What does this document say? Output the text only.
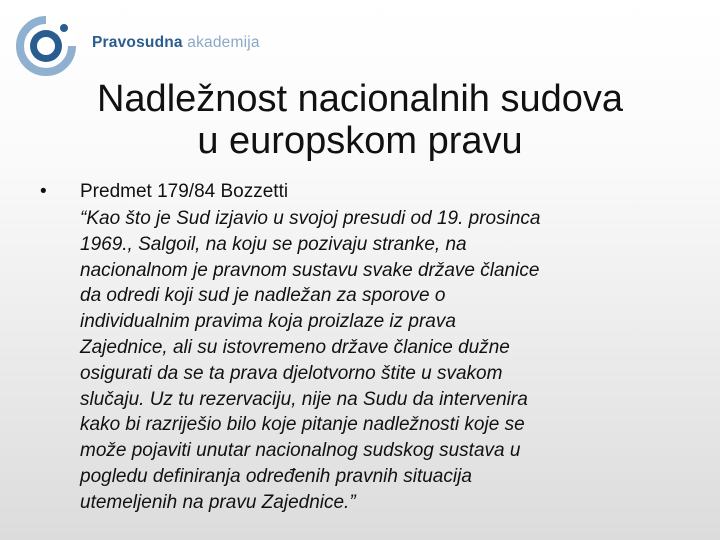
Pravosudna akademija
Nadležnost nacionalnih sudova
u europskom pravu
• Predmet 179/84 Bozzetti
“Kao što je Sud izjavio u svojoj presudi od 19. prosinca
1969., Salgoil, na koju se pozivaju stranke, na
nacionalnom je pravnom sustavu svake države članice
da odredi koji sud je nadležan za sporove o
individualnim pravima koja proizlaze iz prava
Zajednice, ali su istovremeno države članice dužne
osigurati da se ta prava djelotvorno štite u svakom
slučaju. Uz tu rezervaciju, nije na Sudu da intervenira
kako bi razriješio bilo koje pitanje nadležnosti koje se
može pojaviti unutar nacionalnog sudskog sustava u
pogledu definiranja određenih pravnih situacija
utemeljenih na pravu Zajednice.”
